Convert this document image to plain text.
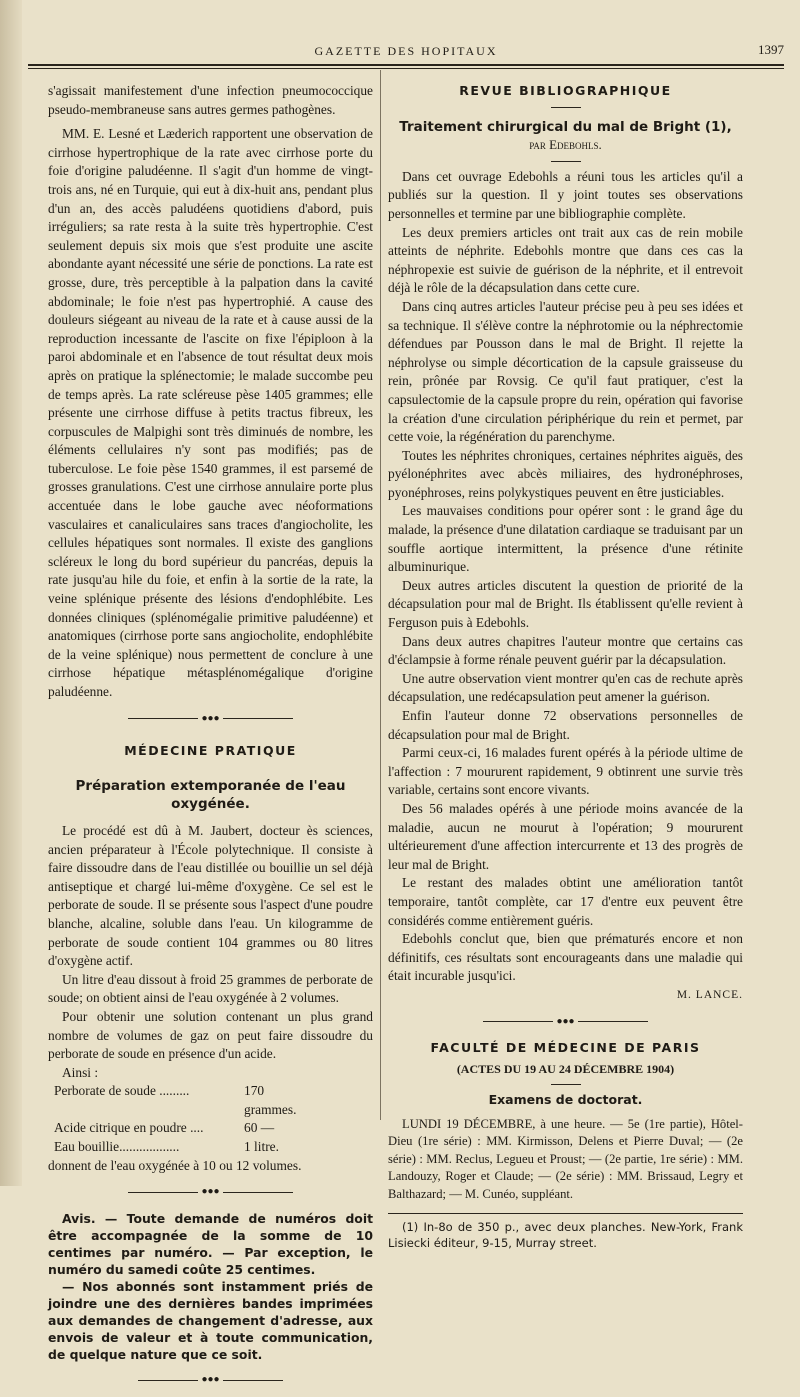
GAZETTE DES HOPITAUX	1397

s'agissait manifestement d'une infection pneumococcique pseudo-membraneuse sans autres germes pathogènes.

MM. E. Lesné et Læderich rapportent une observation de cirrhose hypertrophique de la rate avec cirrhose porte du foie d'origine paludéenne. Il s'agit d'un homme de vingt-trois ans, né en Turquie, qui eut à dix-huit ans, pendant plus d'un an, des accès paludéens quotidiens d'abord, puis irréguliers; sa rate resta à la suite très hypertrophie. C'est seulement depuis six mois que s'est produite une ascite abondante ayant nécessité une série de ponctions. La rate est grosse, dure, très perceptible à la palpation dans la cavité abdominale; le foie n'est pas hypertrophié. A cause des douleurs siégeant au niveau de la rate et à cause aussi de la reproduction incessante de l'ascite on fixe l'épiploon à la paroi abdominale et en l'absence de tout résultat deux mois après on pratique la splénectomie; le malade succombe peu de temps après. La rate scléreuse pèse 1405 grammes; elle présente une cirrhose diffuse à petits tractus fibreux, les corpuscules de Malpighi sont très diminués de nombre, les éléments cellulaires n'y sont pas modifiés; pas de tuberculose. Le foie pèse 1540 grammes, il est parsemé de grosses granulations. C'est une cirrhose annulaire porte plus accentuée dans le lobe gauche avec néoformations vasculaires et canaliculaires sans traces d'angiocholite, les cellules hépatiques sont normales. Il existe des ganglions scléreux le long du bord supérieur du pancréas, depuis la rate jusqu'au hile du foie, et enfin à la sortie de la rate, la veine splénique présente des lésions d'endophlébite. Les données cliniques (splénomégalie primitive paludéenne) et anatomiques (cirrhose porte sans angiocholite, endophlébite de la veine splénique) nous permettent de conclure à une cirrhose hépatique métasplénomégalique d'origine paludéenne.

●●●
MÉDECINE PRATIQUE
Préparation extemporanée de l'eau oxygénée.

Le procédé est dû à M. Jaubert, docteur ès sciences, ancien préparateur à l'École polytechnique. Il consiste à faire dissoudre dans de l'eau distillée ou bouillie un sel déjà antiseptique et chargé lui-même d'oxygène. Ce sel est le perborate de soude. Il se présente sous l'aspect d'une poudre blanche, alcaline, soluble dans l'eau. Un kilogramme de perborate de soude contient 104 grammes ou 80 litres d'oxygène actif.

Un litre d'eau dissout à froid 25 grammes de perborate de soude; on obtient ainsi de l'eau oxygénée à 2 volumes.

Pour obtenir une solution contenant un plus grand nombre de volumes de gaz on peut faire dissoudre du perborate de soude en présence d'un acide.

Ainsi :

Perborate de soude .........	170 grammes.
Acide citrique en poudre ....	60 —
Eau bouillie..................	1 litre.

donnent de l'eau oxygénée à 10 ou 12 volumes.

●●●

Avis. — Toute demande de numéros doit être accompagnée de la somme de 10 centimes par numéro. — Par exception, le numéro du samedi coûte 25 centimes.

— Nos abonnés sont instamment priés de joindre une des dernières bandes imprimées aux demandes de changement d'adresse, aux envois de valeur et à toute communication, de quelque nature que ce soit.

●●●
REVUE BIBLIOGRAPHIQUE
Traitement chirurgical du mal de Bright (1),
par Edebohls.

Dans cet ouvrage Edebohls a réuni tous les articles qu'il a publiés sur la question. Il y joint toutes ses observations personnelles et termine par une bibliographie complète.

Les deux premiers articles ont trait aux cas de rein mobile atteints de néphrite. Edebohls montre que dans ces cas la néphropexie est suivie de guérison de la néphrite, et il entrevoit déjà le rôle de la décapsulation dans cette cure.

Dans cinq autres articles l'auteur précise peu à peu ses idées et sa technique. Il s'élève contre la néphrotomie ou la néphrectomie défendues par Pousson dans le mal de Bright. Il rejette la néphrolyse ou simple décortication de la capsule graisseuse du rein, prônée par Rovsig. Ce qu'il faut pratiquer, c'est la capsulectomie de la capsule propre du rein, opération qui favorise la création d'une circulation périphérique du rein et permet, par cette voie, la régénération du parenchyme.

Toutes les néphrites chroniques, certaines néphrites aiguës, des pyélonéphrites avec abcès miliaires, des hydronéphroses, pyonéphroses, reins polykystiques peuvent en être justiciables.

Les mauvaises conditions pour opérer sont : le grand âge du malade, la présence d'une dilatation cardiaque se traduisant par un souffle aortique intermittent, la présence d'une rétinite albuminurique.

Deux autres articles discutent la question de priorité de la décapsulation pour mal de Bright. Ils établissent qu'elle revient à Ferguson puis à Edebohls.

Dans deux autres chapitres l'auteur montre que certains cas d'éclampsie à forme rénale peuvent guérir par la décapsulation.

Une autre observation vient montrer qu'en cas de rechute après décapsulation, une redécapsulation peut amener la guérison.

Enfin l'auteur donne 72 observations personnelles de décapsulation pour mal de Bright.

Parmi ceux-ci, 16 malades furent opérés à la période ultime de l'affection : 7 moururent rapidement, 9 obtinrent une survie très variable, certains sont encore vivants.

Des 56 malades opérés à une période moins avancée de la maladie, aucun ne mourut à l'opération; 9 moururent ultérieurement d'une affection intercurrente et 13 des progrès de leur mal de Bright.

Le restant des malades obtint une amélioration tantôt temporaire, tantôt complète, car 17 d'entre eux peuvent être considérés comme entièrement guéris.

Edebohls conclut que, bien que prématurés encore et non définitifs, ces résultats sont encourageants dans une maladie qui était incurable jusqu'ici.

M. LANCE.
●●●
FACULTÉ DE MÉDECINE DE PARIS
(ACTES DU 19 AU 24 DÉCEMBRE 1904)
Examens de doctorat.

LUNDI 19 DÉCEMBRE, à une heure. — 5e (1re partie), Hôtel-Dieu (1re série) : MM. Kirmisson, Delens et Pierre Duval; — (2e série) : MM. Reclus, Legueu et Proust; — (2e partie, 1re série) : MM. Landouzy, Roger et Claude; — (2e série) : MM. Brissaud, Legry et Balthazard; — M. Cunéo, suppléant.

(1) In-8o de 350 p., avec deux planches. New-York, Frank Lisiecki éditeur, 9-15, Murray street.
